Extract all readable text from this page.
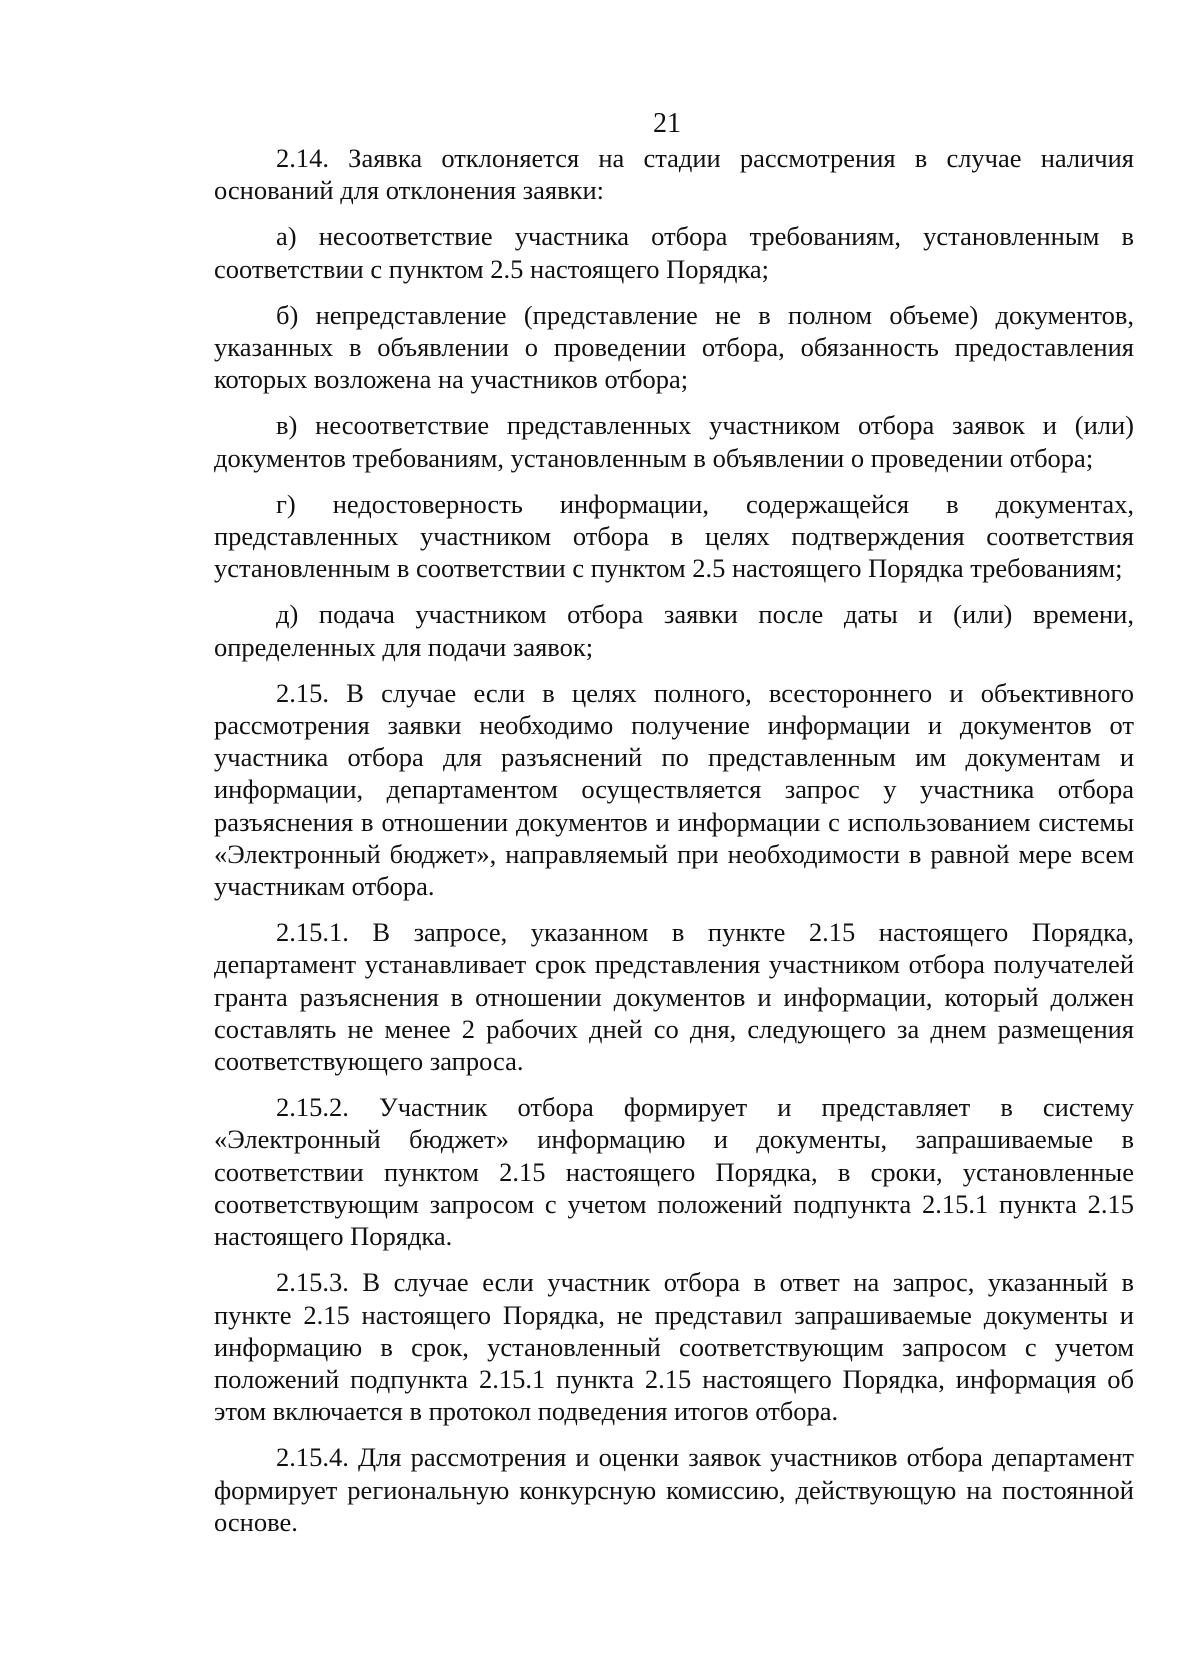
21

2.14. Заявка отклоняется на стадии рассмотрения в случае наличия оснований для отклонения заявки:

а) несоответствие участника отбора требованиям, установленным в соответствии с пунктом 2.5 настоящего Порядка;

б) непредставление (представление не в полном объеме) документов, указанных в объявлении о проведении отбора, обязанность предоставления которых возложена на участников отбора;

в) несоответствие представленных участником отбора заявок и (или) документов требованиям, установленным в объявлении о проведении отбора;

г) недостоверность информации, содержащейся в документах, представленных участником отбора в целях подтверждения соответствия установленным в соответствии с пунктом 2.5 настоящего Порядка требованиям;

д) подача участником отбора заявки после даты и (или) времени, определенных для подачи заявок;

2.15. В случае если в целях полного, всестороннего и объективного рассмотрения заявки необходимо получение информации и документов от участника отбора для разъяснений по представленным им документам и информации, департаментом осуществляется запрос у участника отбора разъяснения в отношении документов и информации с использованием системы «Электронный бюджет», направляемый при необходимости в равной мере всем участникам отбора.

2.15.1. В запросе, указанном в пункте 2.15 настоящего Порядка, департамент устанавливает срок представления участником отбора получателей гранта разъяснения в отношении документов и информации, который должен составлять не менее 2 рабочих дней со дня, следующего за днем размещения соответствующего запроса.

2.15.2. Участник отбора формирует и представляет в систему «Электронный бюджет» информацию и документы, запрашиваемые в соответствии пунктом 2.15 настоящего Порядка, в сроки, установленные соответствующим запросом с учетом положений подпункта 2.15.1 пункта 2.15 настоящего Порядка.

2.15.3. В случае если участник отбора в ответ на запрос, указанный в пункте 2.15 настоящего Порядка, не представил запрашиваемые документы и информацию в срок, установленный соответствующим запросом с учетом положений подпункта 2.15.1 пункта 2.15 настоящего Порядка, информация об этом включается в протокол подведения итогов отбора.

2.15.4. Для рассмотрения и оценки заявок участников отбора департамент формирует региональную конкурсную комиссию, действующую на постоянной основе.
